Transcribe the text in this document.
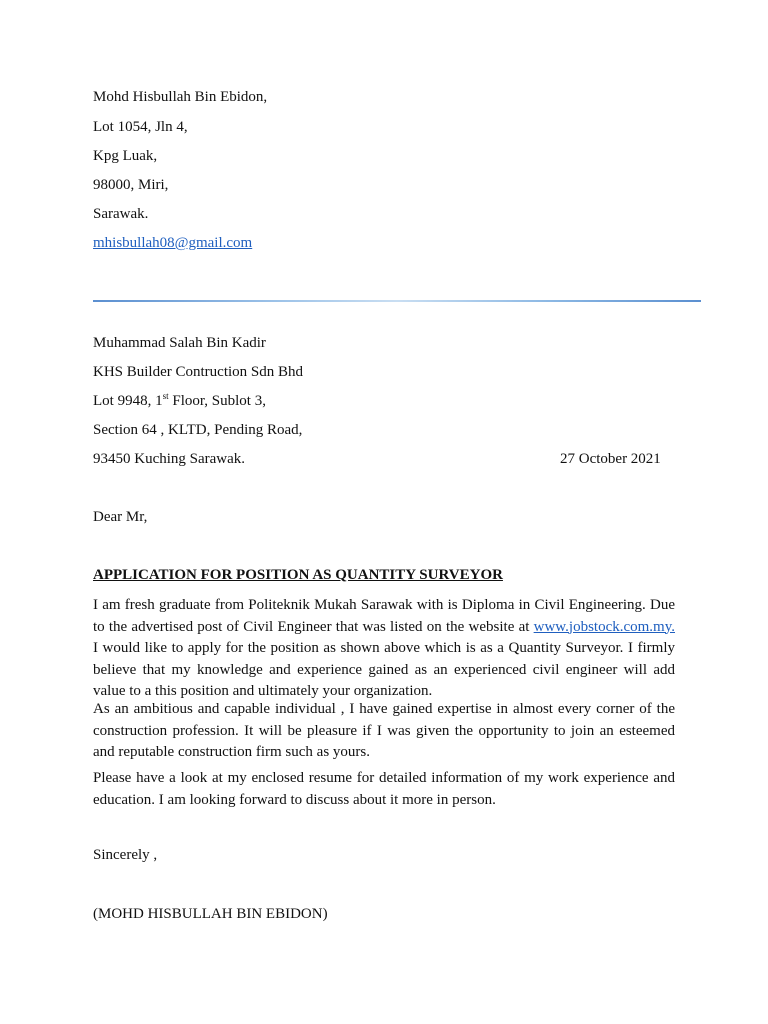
Mohd Hisbullah Bin Ebidon,
Lot 1054, Jln 4,
Kpg Luak,
98000, Miri,
Sarawak.
mhisbullah08@gmail.com
Muhammad Salah Bin Kadir
KHS Builder Contruction Sdn Bhd
Lot 9948, 1st Floor, Sublot 3,
Section 64 , KLTD, Pending Road,
93450 Kuching Sarawak.	27 October 2021
Dear Mr,
APPLICATION FOR POSITION AS QUANTITY SURVEYOR

I am fresh graduate from Politeknik Mukah Sarawak with is Diploma in Civil Engineering. Due to the advertised post of Civil Engineer that was listed on the website at www.jobstock.com.my. I would like to apply for the position as shown above which is as a Quantity Surveyor. I firmly believe that my knowledge and experience gained as an experienced civil engineer will add value to a this position and ultimately your organization.

As an ambitious and capable individual , I have gained expertise in almost every corner of the construction profession. It will be pleasure if I was given the opportunity to join an esteemed and reputable construction firm such as yours.

Please have a look at my enclosed resume for detailed information of my work experience and education. I am looking forward to discuss about it more in person.

Sincerely ,
(MOHD HISBULLAH BIN EBIDON)
